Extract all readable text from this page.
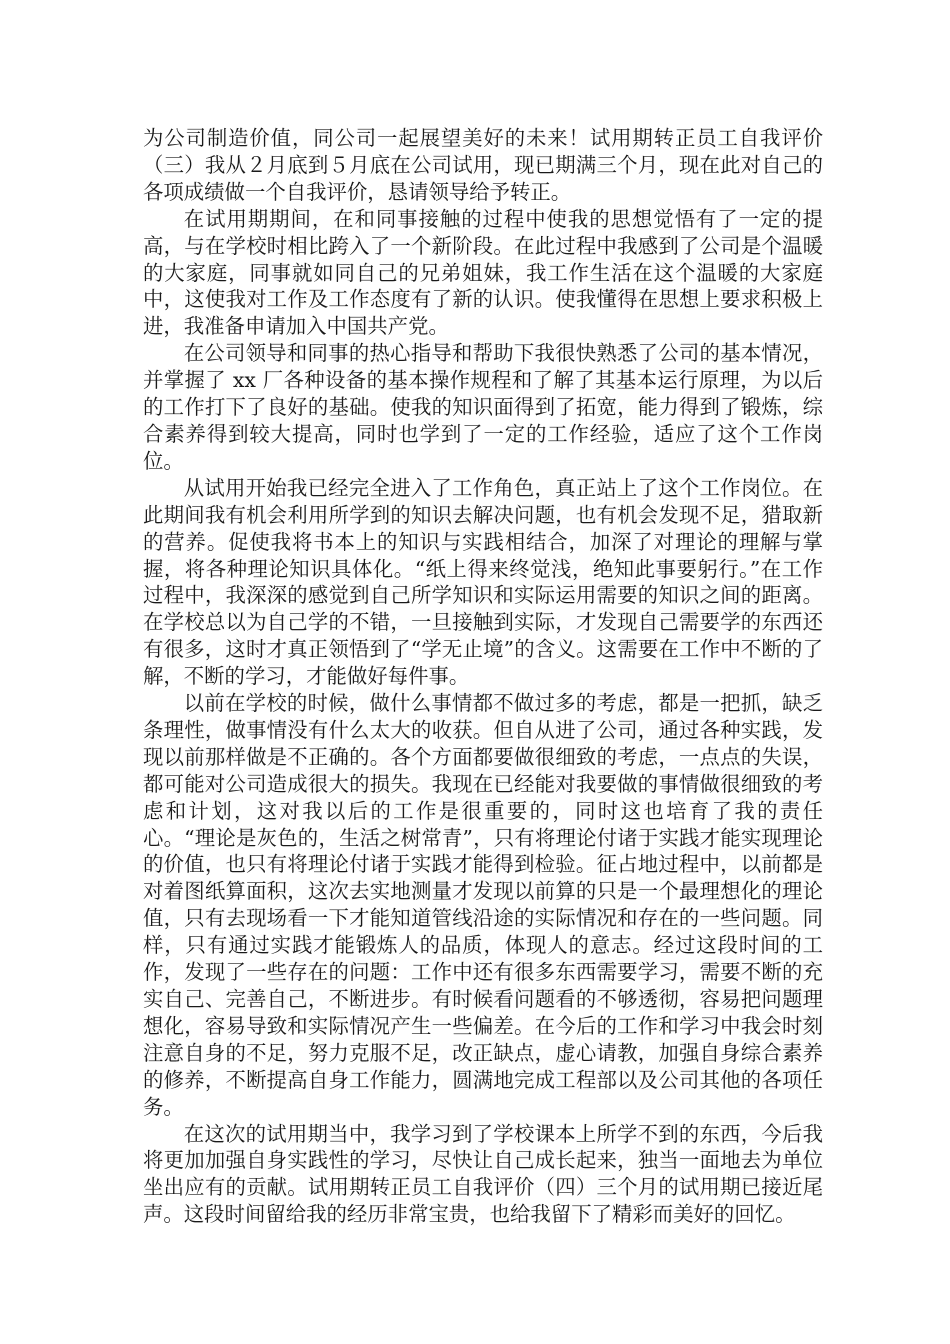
为公司制造价值，同公司一起展望美好的未来！试用期转正员工自我评价（三）我从２月底到５月底在公司试用，现已期满三个月，现在此对自己的各项成绩做一个自我评价，恳请领导给予转正。

在试用期期间，在和同事接触的过程中使我的思想觉悟有了一定的提高，与在学校时相比跨入了一个新阶段。在此过程中我感到了公司是个温暖的大家庭，同事就如同自己的兄弟姐妹，我工作生活在这个温暖的大家庭中，这使我对工作及工作态度有了新的认识。使我懂得在思想上要求积极上进，我准备申请加入中国共产党。

在公司领导和同事的热心指导和帮助下我很快熟悉了公司的基本情况，并掌握了 xx 厂各种设备的基本操作规程和了解了其基本运行原理，为以后的工作打下了良好的基础。使我的知识面得到了拓宽，能力得到了锻炼，综合素养得到较大提高，同时也学到了一定的工作经验，适应了这个工作岗位。

从试用开始我已经完全进入了工作角色，真正站上了这个工作岗位。在此期间我有机会利用所学到的知识去解决问题，也有机会发现不足，猎取新的营养。促使我将书本上的知识与实践相结合，加深了对理论的理解与掌握，将各种理论知识具体化。“纸上得来终觉浅，绝知此事要躬行。”在工作过程中，我深深的感觉到自己所学知识和实际运用需要的知识之间的距离。在学校总以为自己学的不错，一旦接触到实际，才发现自己需要学的东西还有很多，这时才真正领悟到了“学无止境”的含义。这需要在工作中不断的了解，不断的学习，才能做好每件事。

以前在学校的时候，做什么事情都不做过多的考虑，都是一把抓，缺乏条理性，做事情没有什么太大的收获。但自从进了公司，通过各种实践，发现以前那样做是不正确的。各个方面都要做很细致的考虑，一点点的失误，都可能对公司造成很大的损失。我现在已经能对我要做的事情做很细致的考虑和计划，这对我以后的工作是很重要的，同时这也培育了我的责任心。“理论是灰色的，生活之树常青”，只有将理论付诸于实践才能实现理论的价值，也只有将理论付诸于实践才能得到检验。征占地过程中，以前都是对着图纸算面积，这次去实地测量才发现以前算的只是一个最理想化的理论值，只有去现场看一下才能知道管线沿途的实际情况和存在的一些问题。同样，只有通过实践才能锻炼人的品质，体现人的意志。经过这段时间的工作，发现了一些存在的问题：工作中还有很多东西需要学习，需要不断的充实自己、完善自己，不断进步。有时候看问题看的不够透彻，容易把问题理想化，容易导致和实际情况产生一些偏差。在今后的工作和学习中我会时刻注意自身的不足，努力克服不足，改正缺点，虚心请教，加强自身综合素养的修养，不断提高自身工作能力，圆满地完成工程部以及公司其他的各项任务。

在这次的试用期当中，我学习到了学校课本上所学不到的东西，今后我将更加加强自身实践性的学习，尽快让自己成长起来，独当一面地去为单位坐出应有的贡献。试用期转正员工自我评价（四）三个月的试用期已接近尾声。这段时间留给我的经历非常宝贵，也给我留下了精彩而美好的回忆。
